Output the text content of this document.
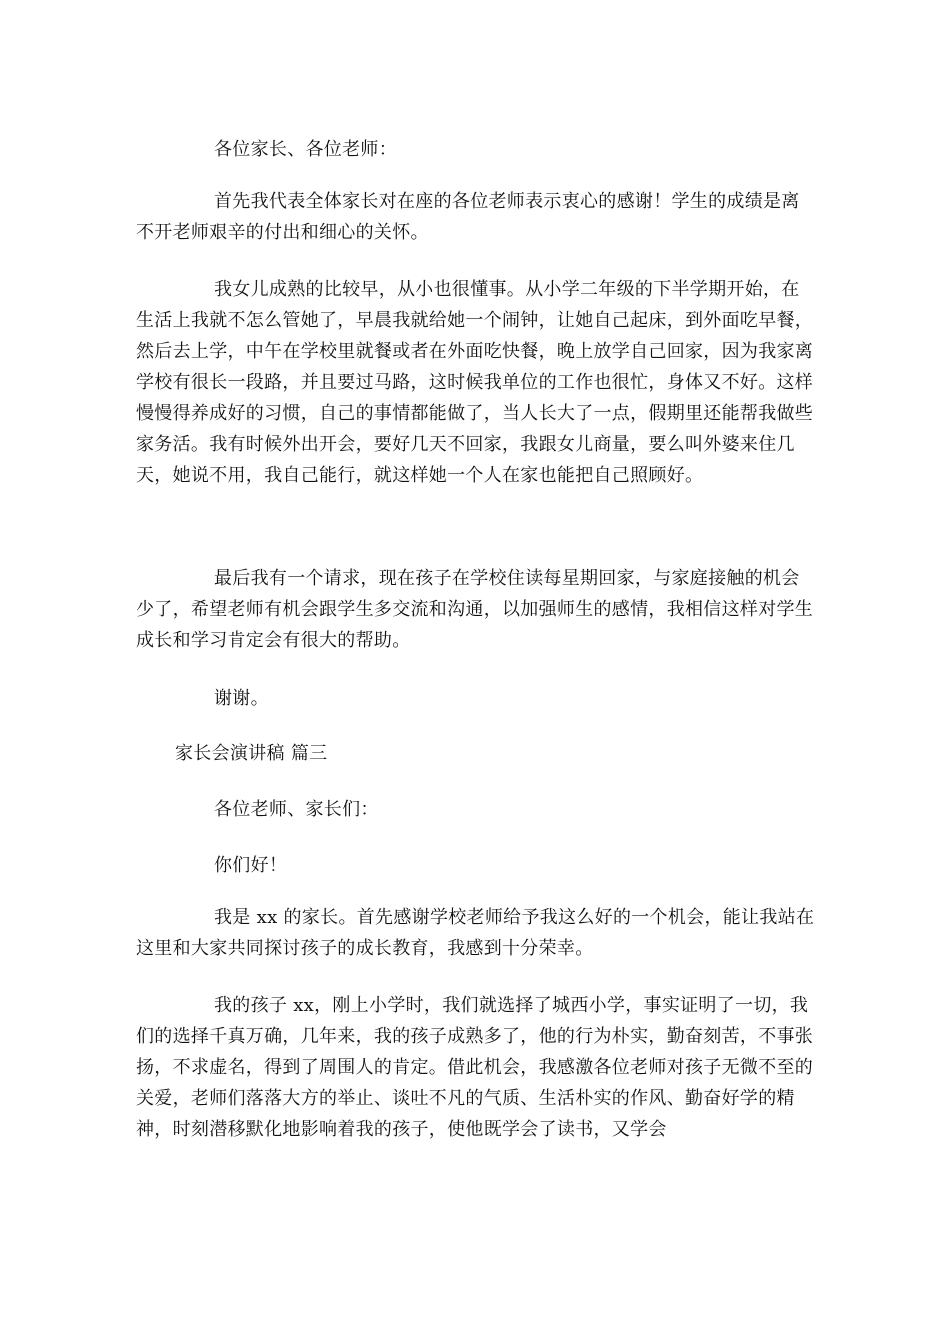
各位家长、各位老师：

首先我代表全体家长对在座的各位老师表示衷心的感谢！学生的成绩是离不开老师艰辛的付出和细心的关怀。

我女儿成熟的比较早，从小也很懂事。从小学二年级的下半学期开始，在生活上我就不怎么管她了，早晨我就给她一个闹钟，让她自己起床，到外面吃早餐，然后去上学，中午在学校里就餐或者在外面吃快餐，晚上放学自己回家，因为我家离学校有很长一段路，并且要过马路，这时候我单位的工作也很忙，身体又不好。这样慢慢得养成好的习惯，自己的事情都能做了，当人长大了一点，假期里还能帮我做些家务活。我有时候外出开会，要好几天不回家，我跟女儿商量，要么叫外婆来住几天，她说不用，我自己能行，就这样她一个人在家也能把自己照顾好。

最后我有一个请求，现在孩子在学校住读每星期回家，与家庭接触的机会少了，希望老师有机会跟学生多交流和沟通，以加强师生的感情，我相信这样对学生成长和学习肯定会有很大的帮助。

谢谢。

家长会演讲稿 篇三

各位老师、家长们：

你们好！

我是 xx 的家长。首先感谢学校老师给予我这么好的一个机会，能让我站在这里和大家共同探讨孩子的成长教育，我感到十分荣幸。

我的孩子 xx，刚上小学时，我们就选择了城西小学，事实证明了一切，我们的选择千真万确，几年来，我的孩子成熟多了，他的行为朴实，勤奋刻苦，不事张扬，不求虚名，得到了周围人的肯定。借此机会，我感激各位老师对孩子无微不至的关爱，老师们落落大方的举止、谈吐不凡的气质、生活朴实的作风、勤奋好学的精神，时刻潜移默化地影响着我的孩子，使他既学会了读书，又学会
